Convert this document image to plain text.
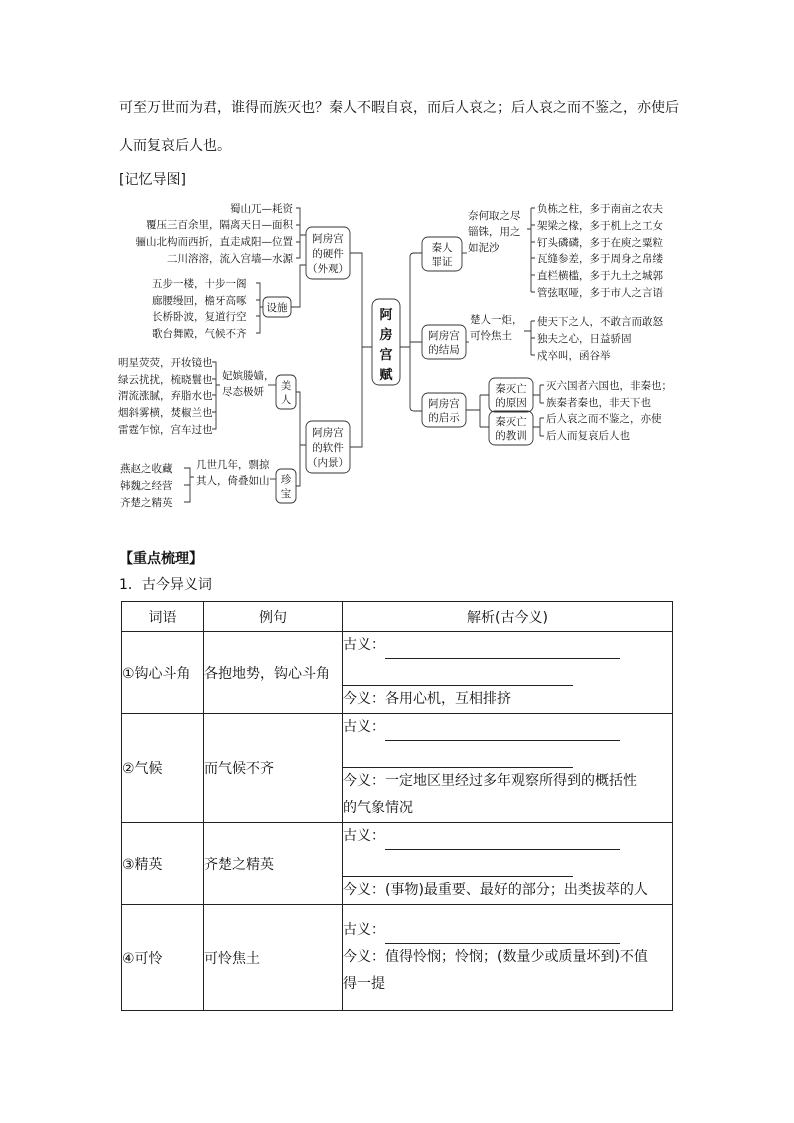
可至万世而为君，谁得而族灭也？秦人不暇自哀，而后人哀之；后人哀之而不鉴之，亦使后
人而复哀后人也。
[记忆导图]
蜀山兀—耗资
覆压三百余里，隔离天日—面积
骊山北构而西折，直走咸阳—位置
二川溶溶，流入宫墙—水源
五步一楼，十步一阁
廊腰缦回，檐牙高啄
长桥卧波，复道行空
歌台舞殿，气候不齐
设施
阿房宫
的硬件
（外观）
明星荧荧，开妆镜也
绿云扰扰，梳晓鬟也
渭流涨腻，弃脂水也
烟斜雾横，焚椒兰也
雷霆乍惊，宫车过也
妃嫔媵嫱，
尽态极妍 美
人
燕赵之收藏
韩魏之经营
齐楚之精英
几世几年，剽掠
其人，倚叠如山 珍
宝
阿房宫
的软件
（内景）
阿
房
宫
赋
秦人
罪证
奈何取之尽
锱铢，用之
如泥沙
负栋之柱，多于南亩之农夫
架梁之椽，多于机上之工女
钉头磷磷，多于在庾之粟粒
瓦缝参差，多于周身之帛缕
直栏横槛，多于九土之城郭
管弦呕哑，多于市人之言语
阿房宫
的结局
楚人一炬，
可怜焦土
使天下之人，不敢言而敢怒
独夫之心，日益骄固
戍卒叫，函谷举
阿房宫
的启示
秦灭亡
的原因
秦灭亡
的教训
灭六国者六国也，非秦也；
族秦者秦也，非天下也
后人哀之而不鉴之，亦使
后人而复哀后人也
【重点梳理】
1．古今异义词
词语	例句	解析(古今义)
①钩心斗角	各抱地势，钩心斗角	古义：
今义：各用心机，互相排挤

②气候	而气候不齐	古义：
今义：一定地区里经过多年观察所得到的概括性
的气象情况

③精英	齐楚之精英	古义：
今义：(事物)最重要、最好的部分；出类拔萃的人

④可怜	可怜焦土	古义：
今义：值得怜悯；怜悯；(数量少或质量坏到)不值
得一提
